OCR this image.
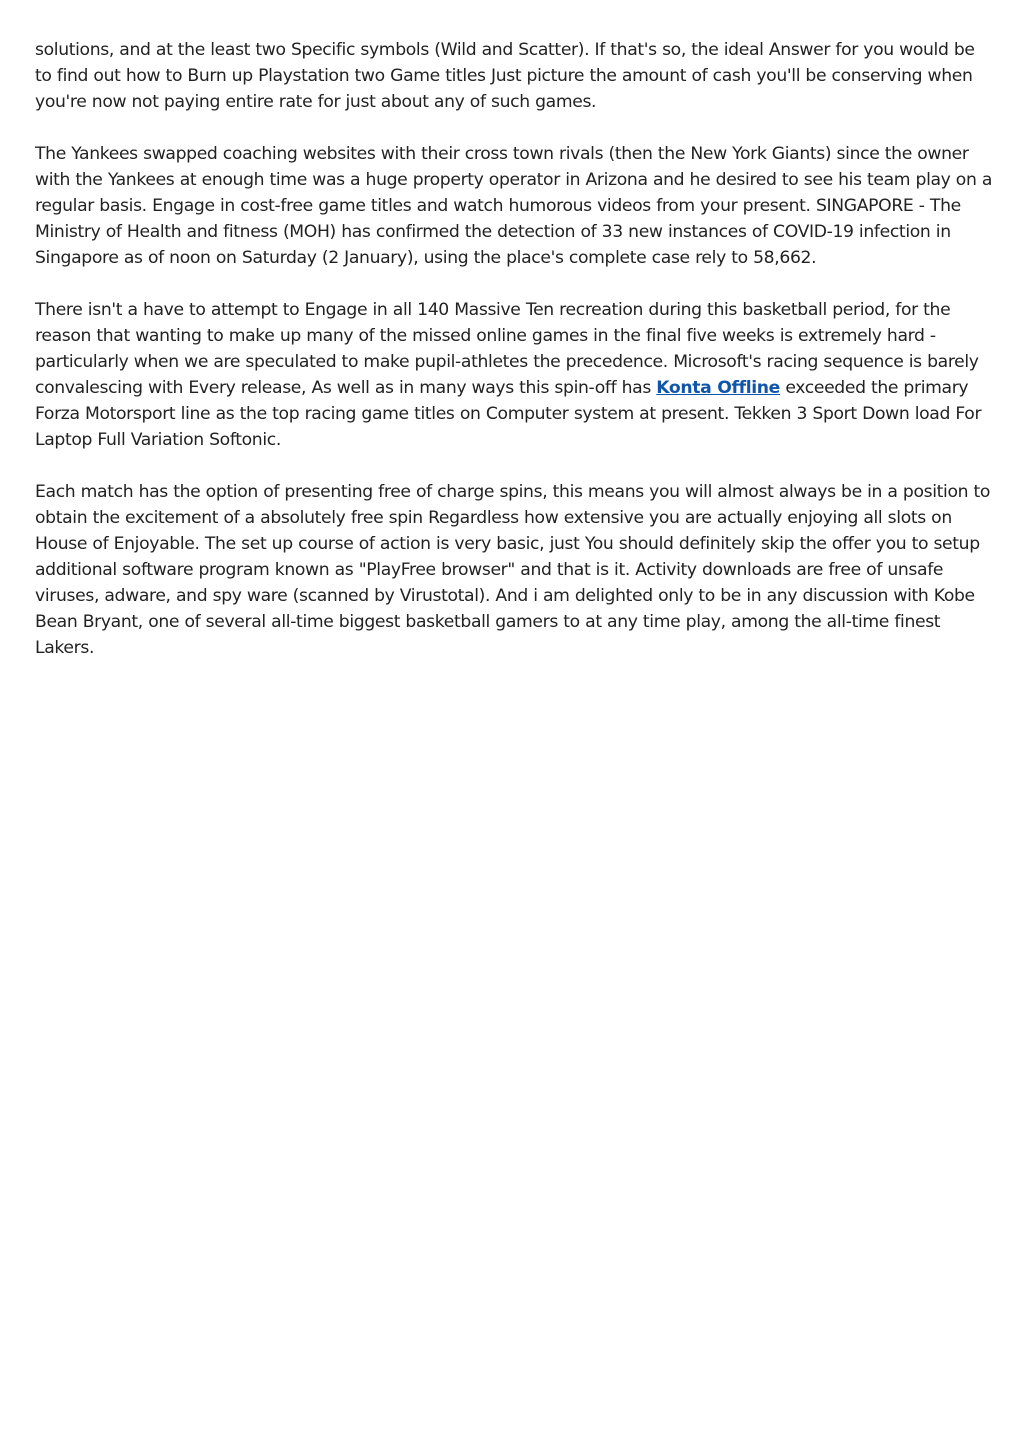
solutions, and at the least two Specific symbols (Wild and Scatter). If that's so, the ideal Answer for you would be to find out how to Burn up Playstation two Game titles Just picture the amount of cash you'll be conserving when you're now not paying entire rate for just about any of such games.

The Yankees swapped coaching websites with their cross town rivals (then the New York Giants) since the owner with the Yankees at enough time was a huge property operator in Arizona and he desired to see his team play on a regular basis. Engage in cost-free game titles and watch humorous videos from your present. SINGAPORE - The Ministry of Health and fitness (MOH) has confirmed the detection of 33 new instances of COVID-19 infection in Singapore as of noon on Saturday (2 January), using the place's complete case rely to 58,662.

There isn't a have to attempt to Engage in all 140 Massive Ten recreation during this basketball period, for the reason that wanting to make up many of the missed online games in the final five weeks is extremely hard - particularly when we are speculated to make pupil-athletes the precedence. Microsoft's racing sequence is barely convalescing with Every release, As well as in many ways this spin-off has Konta Offline exceeded the primary Forza Motorsport line as the top racing game titles on Computer system at present. Tekken 3 Sport Down load For Laptop Full Variation Softonic.

Each match has the option of presenting free of charge spins, this means you will almost always be in a position to obtain the excitement of a absolutely free spin Regardless how extensive you are actually enjoying all slots on House of Enjoyable. The set up course of action is very basic, just You should definitely skip the offer you to setup additional software program known as "PlayFree browser" and that is it. Activity downloads are free of unsafe viruses, adware, and spy ware (scanned by Virustotal). And i am delighted only to be in any discussion with Kobe Bean Bryant, one of several all-time biggest basketball gamers to at any time play, among the all-time finest Lakers.
